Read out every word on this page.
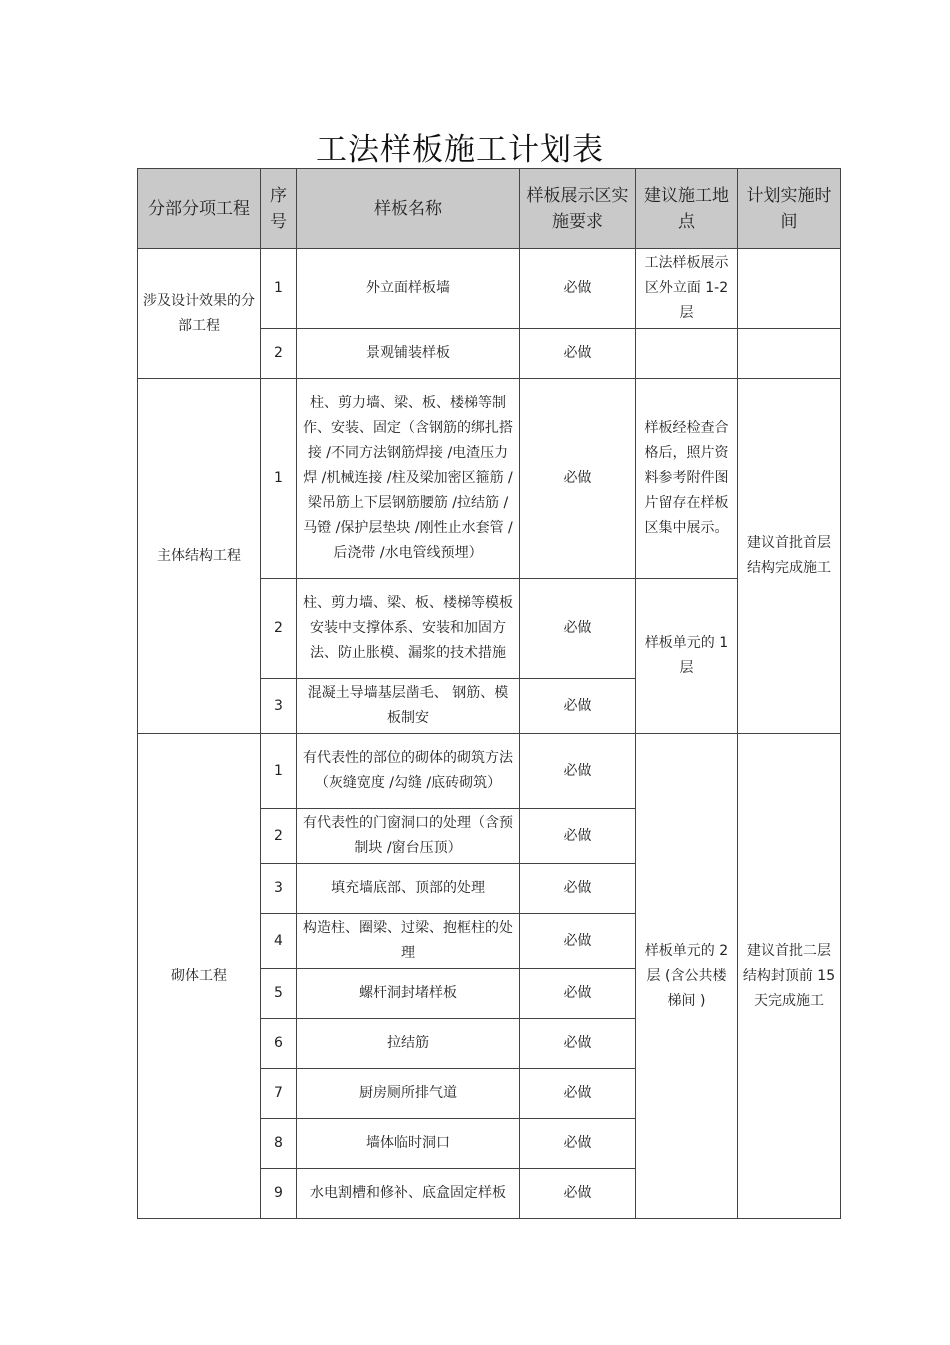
工法样板施工计划表
分部分项工程	序号	样板名称	样板展示区实施要求	建议施工地点	计划实施时间
涉及设计效果的分部工程	1	外立面样板墙	必做	工法样板展示区外立面 1-2 层	
	2	景观铺装样板	必做		
主体结构工程	1	柱、剪力墙、梁、板、楼梯等制作、安装、固定（含钢筋的绑扎搭接 /不同方法钢筋焊接 /电渣压力焊 /机械连接 /柱及梁加密区箍筋 /梁吊筋上下层钢筋腰筋 /拉结筋 /马镫 /保护层垫块 /刚性止水套管 /后浇带 /水电管线预埋）	必做	样板经检查合格后，照片资料参考附件图片留存在样板区集中展示。	建议首批首层结构完成施工
	2	柱、剪力墙、梁、板、楼梯等模板安装中支撑体系、安装和加固方法、防止胀模、漏浆的技术措施	必做	样板单元的 1 层	
	3	混凝土导墙基层凿毛、 钢筋、模板制安	必做		
砌体工程	1	有代表性的部位的砌体的砌筑方法（灰缝宽度 /勾缝 /底砖砌筑）	必做	样板单元的 2 层 (含公共楼梯间 )	建议首批二层结构封顶前 15 天完成施工
	2	有代表性的门窗洞口的处理（含预制块 /窗台压顶）	必做		
	3	填充墙底部、顶部的处理	必做		
	4	构造柱、圈梁、过梁、抱框柱的处理	必做		
	5	螺杆洞封堵样板	必做		
	6	拉结筋	必做		
	7	厨房厕所排气道	必做		
	8	墙体临时洞口	必做		
	9	水电割槽和修补、底盒固定样板	必做		
